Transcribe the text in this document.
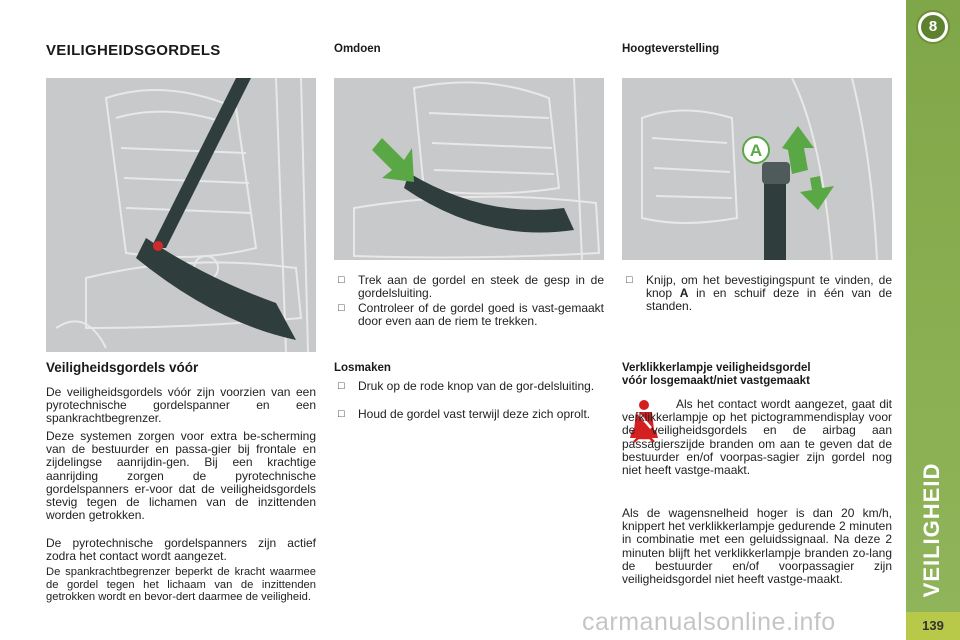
VEILIGHEIDSGORDELS	Omdoen	Hoogteverstelling
A
Veiligheidsgordels vóór
De veiligheidsgordels vóór zijn voorzien van een pyrotechnische gordelspanner en een spankrachtbegrenzer.
Deze systemen zorgen voor extra be-scherming van de bestuurder en passa-gier bij frontale en zijdelingse aanrijdin-gen. Bij een krachtige aanrijding zorgen de pyrotechnische gordelspanners er-voor dat de veiligheidsgordels stevig tegen de lichamen van de inzittenden worden getrokken.
De pyrotechnische gordelspanners zijn actief zodra het contact wordt aangezet.
De spankrachtbegrenzer beperkt de kracht waarmee de gordel tegen het lichaam van de inzittenden getrokken wordt en bevor-dert daarmee de veiligheid.
□ Trek aan de gordel en steek de gesp in de gordelsluiting.
□ Controleer of de gordel goed is vast-gemaakt door even aan de riem te trekken.
Losmaken
□ Druk op de rode knop van de gor-delsluiting.
□ Houd de gordel vast terwijl deze zich oprolt.
□ Knijp, om het bevestigingspunt te vinden, de knop A in en schuif deze in één van de standen.
Verklikkerlampje veiligheidsgordel
vóór losgemaakt/niet vastgemaakt
Als het contact wordt aangezet, gaat dit verklikkerlampje op het pictogrammendisplay voor de veiligheidsgordels en de airbag aan passagierszijde branden om aan te geven dat de bestuurder en/of voorpas-sagier zijn gordel nog niet heeft vastge-maakt.
Als de wagensnelheid hoger is dan 20 km/h, knippert het verklikkerlampje gedurende 2 minuten in combinatie met een geluidssignaal. Na deze 2 minuten blijft het verklikkerlampje branden zo-lang de bestuurder en/of voorpassagier zijn veiligheidsgordel niet heeft vastge-maakt.
8
VEILIGHEID
139
carmanualsonline.info
